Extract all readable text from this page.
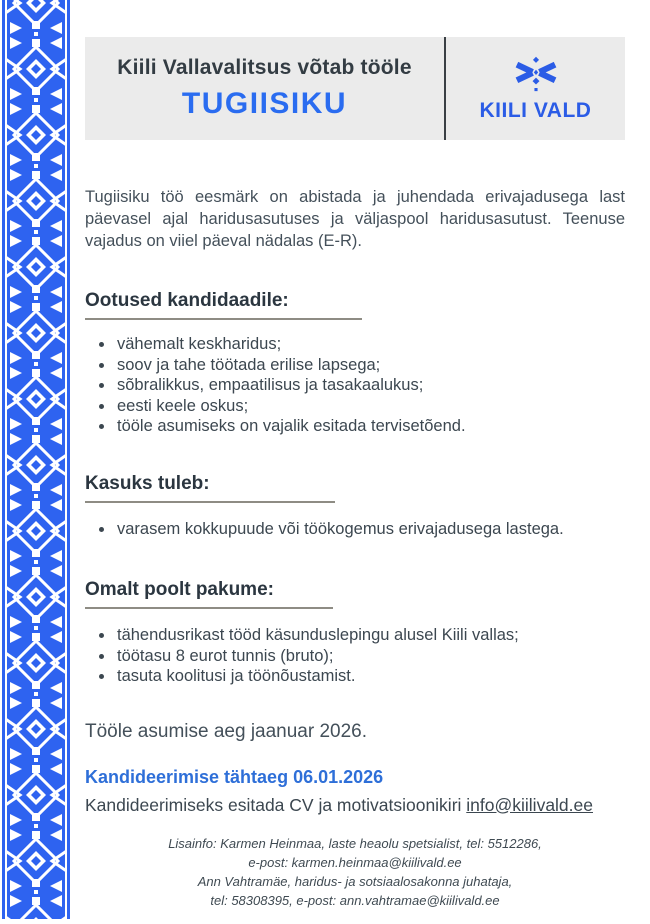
Kiili Vallavalitsus võtab tööle
TUGIISIKU	KIILI VALD

Tugiisiku töö eesmärk on abistada ja juhendada erivajadusega last päevasel ajal haridusasutuses ja väljaspool haridusasutust. Teenuse vajadus on viiel päeval nädalas (E-R).

Ootused kandidaadile:
• vähemalt keskharidus;
• soov ja tahe töötada erilise lapsega;
• sõbralikkus, empaatilisus ja tasakaalukus;
• eesti keele oskus;
• tööle asumiseks on vajalik esitada tervisetõend.
Kasuks tuleb:
• varasem kokkupuude või töökogemus erivajadusega lastega.
Omalt poolt pakume:
• tähendusrikast tööd käsunduslepingu alusel Kiili vallas;
• töötasu 8 eurot tunnis (bruto);
• tasuta koolitusi ja töönõustamist.
Tööle asumise aeg jaanuar 2026.
Kandideerimise tähtaeg 06.01.2026
Kandideerimiseks esitada CV ja motivatsioonikiri info@kiilivald.ee
Lisainfo: Karmen Heinmaa, laste heaolu spetsialist, tel: 5512286,
e-post: karmen.heinmaa@kiilivald.ee
Ann Vahtramäe, haridus- ja sotsiaalosakonna juhataja,
tel: 58308395, e-post: ann.vahtramae@kiilivald.ee
